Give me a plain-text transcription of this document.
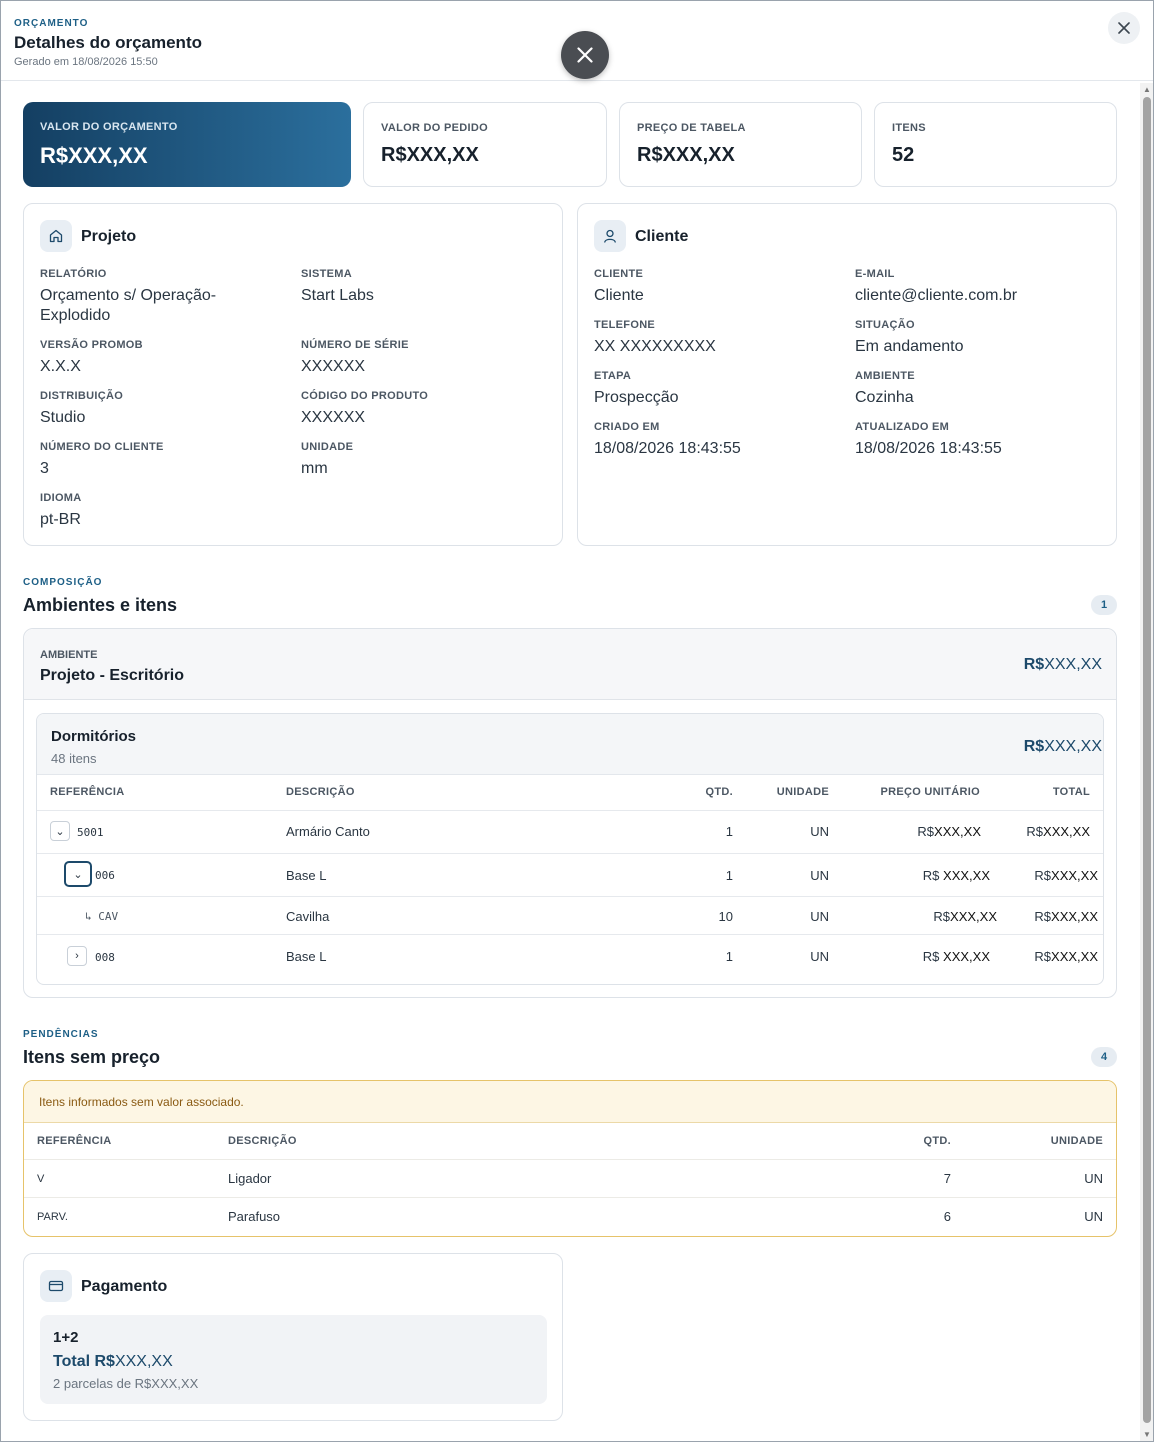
ORÇAMENTO
Detalhes do orçamento
Gerado em 18/08/2026 15:50
▲
▼
VALOR DO ORÇAMENTO
R$XXX,XX
VALOR DO PEDIDO
R$XXX,XX
PREÇO DE TABELA
R$XXX,XX
ITENS
52
Projeto
RELATÓRIO
Orçamento s/ Operação-Explodido
SISTEMA
Start Labs
VERSÃO PROMOB
X.X.X
NÚMERO DE SÉRIE
XXXXXX
DISTRIBUIÇÃO
Studio
CÓDIGO DO PRODUTO
XXXXXX
NÚMERO DO CLIENTE
3
UNIDADE
mm
IDIOMA
pt-BR
Cliente
CLIENTE
Cliente
E-MAIL
cliente@cliente.com.br
TELEFONE
XX XXXXXXXXX
SITUAÇÃO
Em andamento
ETAPA
Prospecção
AMBIENTE
Cozinha
CRIADO EM
18/08/2026 18:43:55
ATUALIZADO EM
18/08/2026 18:43:55
COMPOSIÇÃO
Ambientes e itens	1
AMBIENTE
Projeto - Escritório
R$XXX,XX
Dormitórios
48 itens
R$XXX,XX
REFERÊNCIA	DESCRIÇÃO	QTD.	UNIDADE	PREÇO UNITÁRIO	TOTAL
⌄ 5001	Armário Canto	1	UN	R$XXX,XX	R$XXX,XX
⌄ 006	Base L	1	UN	R$ XXX,XX	R$XXX,XX
↳ CAV	Cavilha	10	UN	R$XXX,XX	R$XXX,XX
› 008	Base L	1	UN	R$ XXX,XX	R$XXX,XX
PENDÊNCIAS
Itens sem preço	4
Itens informados sem valor associado.
REFERÊNCIA	DESCRIÇÃO	QTD.	UNIDADE
V	Ligador	7	UN
PARV.	Parafuso	6	UN
Pagamento
1+2
Total R$XXX,XX
2 parcelas de R$XXX,XX
